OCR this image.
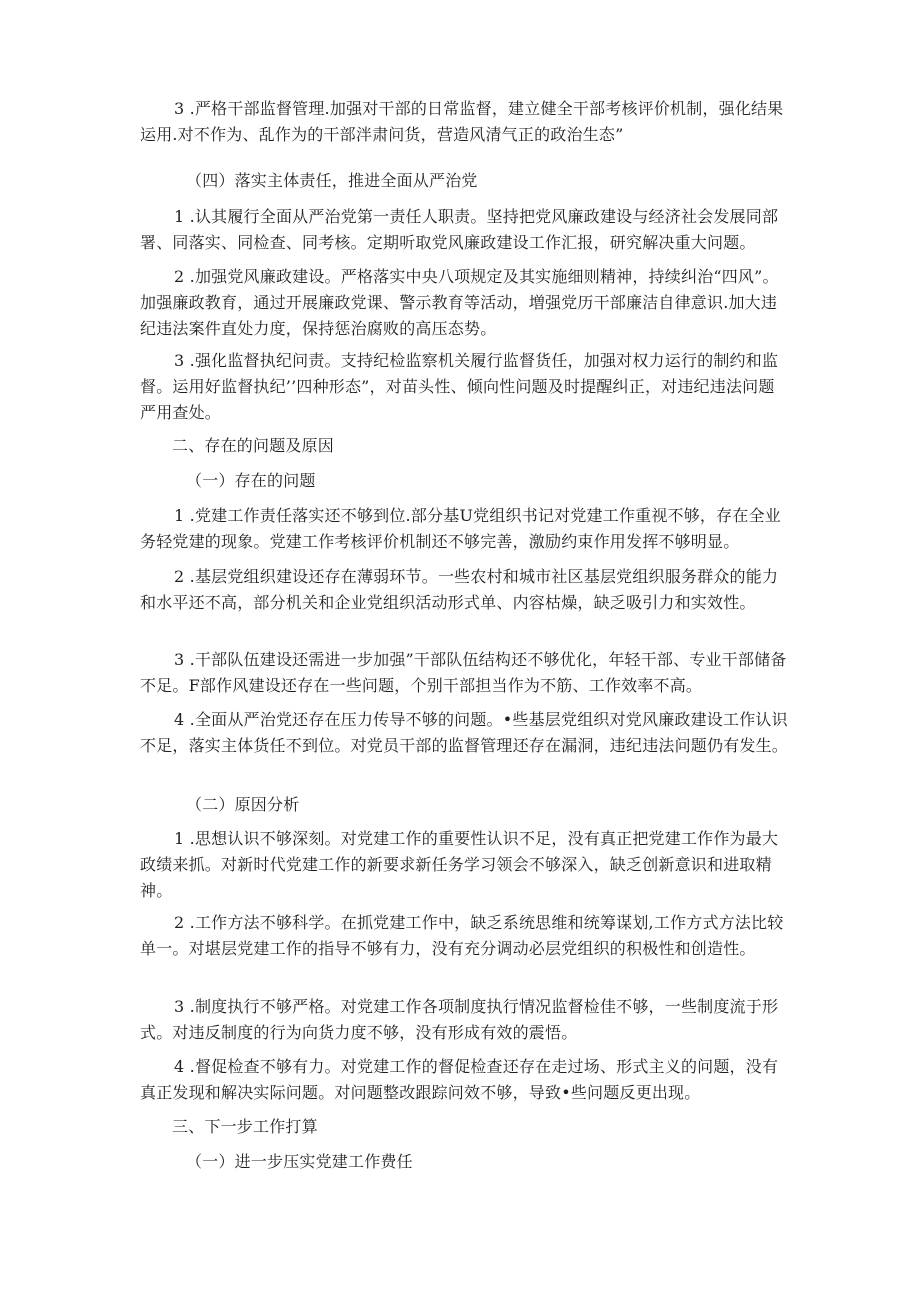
3 .严格干部监督管理.加强对干部的日常监督，建立健全干部考核评价机制，强化结果运用.对不作为、乱作为的干部泮肃问货，营造风清气正的政治生态”

（四）落实主体责任，推进全面从严治党

1 .认其履行全面从严治党第一责任人职责。坚持把党风廉政建设与经济社会发展同部署、同落实、同检查、同考核。定期听取党风廉政建设工作汇报，研究解决重大问题。

2 .加强党风廉政建设。严格落实中央八项规定及其实施细则精神，持续纠治“四风”。加强廉政教育，通过开展廉政党课、警示教育等活动，増强党历干部廉洁自律意识.加大违纪违法案件直处力度，保持惩治腐败的高压态势。

3 .强化监督执纪问责。支持纪检监察机关履行监督货任，加强对权力运行的制约和监督。运用好监督执纪’’四种形态”，对苗头性、倾向性问题及时提醒纠正，对违纪违法问题严用查处。

二、存在的问题及原因

（一）存在的问题

1 .党建工作责任落实还不够到位.部分基U党组织书记对党建工作重视不够，存在全业务轻党建的现象。党建工作考核评价机制还不够完善，激励约束作用发挥不够明显。

2 .基层党组织建设还存在薄弱环节。一些农村和城市社区基层党组织服务群众的能力和水平还不高，部分机关和企业党组织活动形式单、内容枯燥，缺乏吸引力和实效性。

3 .干部队伍建设还需进一步加强”干部队伍结构还不够优化，年轻干部、专业干部储备不足。F部作风建设还存在一些问题，个别干部担当作为不筋、工作效率不高。

4 .全面从严治党还存在压力传导不够的问题。•些基层党组织对党风廉政建设工作认识不足，落实主体货任不到位。对党员干部的监督管理还存在漏洞，违纪违法问题仍有发生。

（二）原因分析

1 .思想认识不够深刻。对党建工作的重要性认识不足，没有真正把党建工作作为最大政绩来抓。对新时代党建工作的新要求新任务学习领会不够深入，缺乏创新意识和进取精神。

2 .工作方法不够科学。在抓党建工作中，缺乏系统思维和统筹谋划,工作方式方法比较单一。对堪层党建工作的指导不够有力，没有充分调动必层党组织的积极性和创造性。

3 .制度执行不够严格。对党建工作各项制度执行情况监督检佳不够，一些制度流于形式。对违反制度的行为向货力度不够，没有形成有效的震悟。

4 .督促检查不够有力。对党建工作的督促检查还存在走过场、形式主义的问题，没有真正发现和解决实际问题。对问题整改跟踪问效不够，导致•些问题反更出现。

三、下一步工作打算

（一）进一步压实党建工作费任
